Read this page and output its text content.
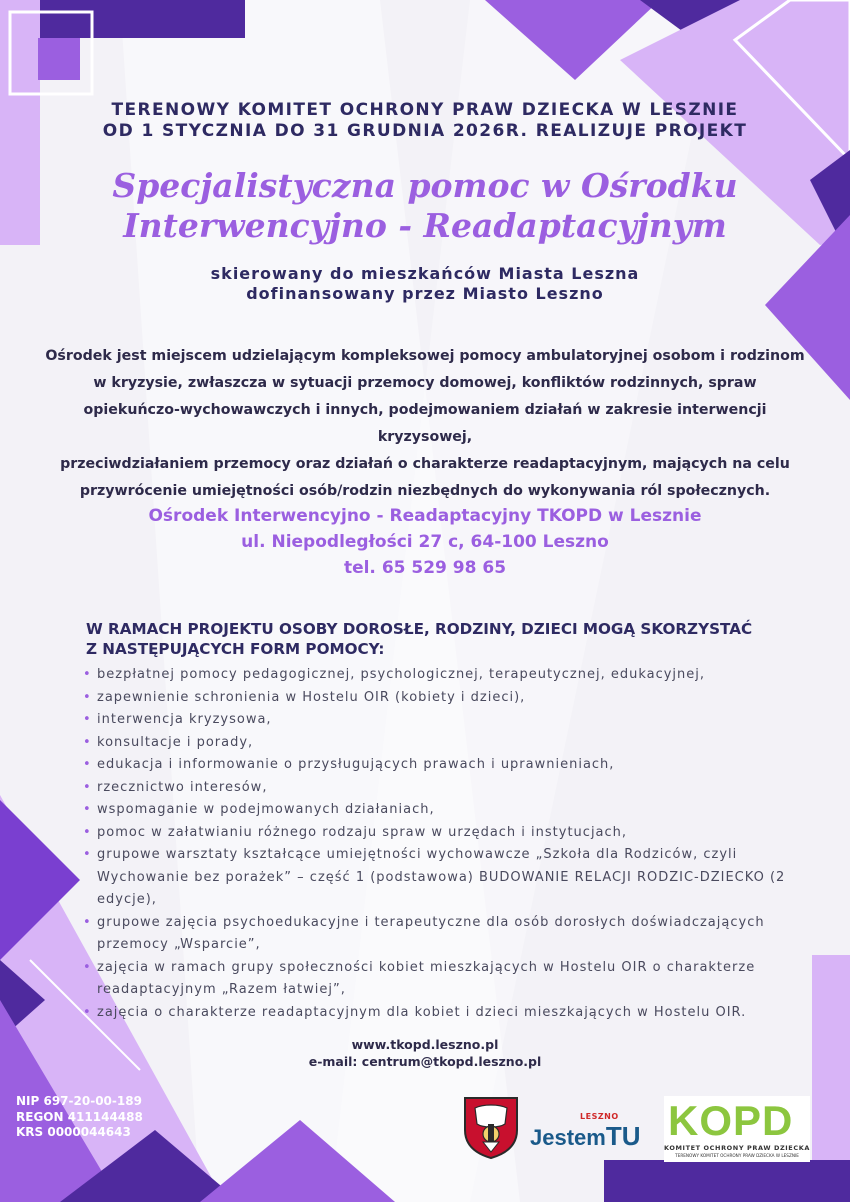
TERENOWY KOMITET OCHRONY PRAW DZIECKA W LESZNIE

OD 1 STYCZNIA DO 31 GRUDNIA 2026R. REALIZUJE PROJEKT

Specjalistyczna pomoc w Ośrodku
Interwencyjno - Readaptacyjnym
skierowany do mieszkańców Miasta Leszna
dofinansowany przez Miasto Leszno
Ośrodek jest miejscem udzielającym kompleksowej pomocy ambulatoryjnej osobom i rodzinom
w kryzysie, zwłaszcza w sytuacji przemocy domowej, konfliktów rodzinnych, spraw
opiekuńczo-wychowawczych i innych, podejmowaniem działań w zakresie interwencji kryzysowej,
przeciwdziałaniem przemocy oraz działań o charakterze readaptacyjnym, mających na celu
przywrócenie umiejętności osób/rodzin niezbędnych do wykonywania ról społecznych.
Ośrodek Interwencyjno - Readaptacyjny TKOPD w Lesznie
ul. Niepodległości 27 c, 64-100 Leszno
tel. 65 529 98 65
W RAMACH PROJEKTU OSOBY DOROSŁE, RODZINY, DZIECI MOGĄ SKORZYSTAĆ
Z NASTĘPUJĄCYCH FORM POMOCY:
• bezpłatnej pomocy pedagogicznej, psychologicznej, terapeutycznej, edukacyjnej,
• zapewnienie schronienia w Hostelu OIR (kobiety i dzieci),
• interwencja kryzysowa,
• konsultacje i porady,
• edukacja i informowanie o przysługujących prawach i uprawnieniach,
• rzecznictwo interesów,
• wspomaganie w podejmowanych działaniach,
• pomoc w załatwianiu różnego rodzaju spraw w urzędach i instytucjach,
• grupowe warsztaty kształcące umiejętności wychowawcze „Szkoła dla Rodziców, czyli Wychowanie bez porażek” – część 1 (podstawowa) BUDOWANIE RELACJI RODZIC-DZIECKO (2 edycje),
• grupowe zajęcia psychoedukacyjne i terapeutyczne dla osób dorosłych doświadczających przemocy „Wsparcie”,
• zajęcia w ramach grupy społeczności kobiet mieszkających w Hostelu OIR o charakterze readaptacyjnym „Razem łatwiej”,
• zajęcia o charakterze readaptacyjnym dla kobiet i dzieci mieszkających w Hostelu OIR.
www.tkopd.leszno.pl
e-mail: centrum@tkopd.leszno.pl
NIP 697-20-00-189
REGON 411144488
KRS 0000044643
LESZNO
JestemTU KOPD
KOMITET OCHRONY PRAW DZIECKA
TERENOWY KOMITET OCHRONY PRAW DZIECKA W LESZNIE
